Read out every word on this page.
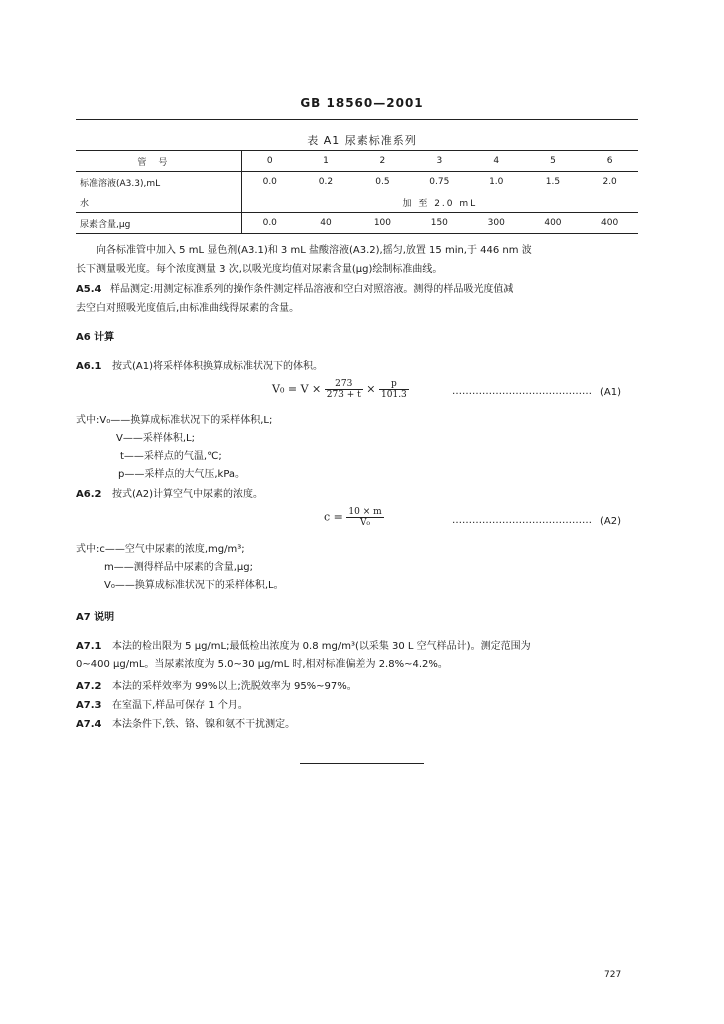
GB 18560—2001
表 A1 尿素标准系列
管号	0	1	2	3	4	5	6
标准溶液(A3.3),mL	0.0	0.2	0.5	0.75	1.0	1.5	2.0
水	加 至 2.0 mL						
尿素含量,μg	0.0	40	100	150	300	400	400
向各标准管中加入 5 mL 显色剂(A3.1)和 3 mL 盐酸溶液(A3.2),摇匀,放置 15 min,于 446 nm 波
长下测量吸光度。每个浓度测量 3 次,以吸光度均值对尿素含量(μg)绘制标准曲线。
A5.4 样品测定:用测定标准系列的操作条件测定样品溶液和空白对照溶液。测得的样品吸光度值减
去空白对照吸光度值后,由标准曲线得尿素的含量。
A6 计算
A6.1 按式(A1)将采样体积换算成标准状况下的体积。
$V_0 = V \times \frac{273}{273 + t} \times \frac{p}{101.3}$	…………………………………… (A1)
式中:V₀——换算成标准状况下的采样体积,L;
V——采样体积,L;
t——采样点的气温,℃;
p——采样点的大气压,kPa。
A6.2 按式(A2)计算空气中尿素的浓度。
$c = \frac{10 \times m}{\text{V₀}}$	…………………………………… (A2)
式中:c——空气中尿素的浓度,mg/m³;
m——测得样品中尿素的含量,μg;
V₀——换算成标准状况下的采样体积,L。
A7 说明
A7.1 本法的检出限为 5 μg/mL;最低检出浓度为 0.8 mg/m³(以采集 30 L 空气样品计)。测定范围为
0~400 μg/mL。当尿素浓度为 5.0~30 μg/mL 时,相对标准偏差为 2.8%~4.2%。
A7.2 本法的采样效率为 99%以上;洗脱效率为 95%~97%。
A7.3 在室温下,样品可保存 1 个月。
A7.4 本法条件下,铁、铬、镍和氨不干扰测定。
727
